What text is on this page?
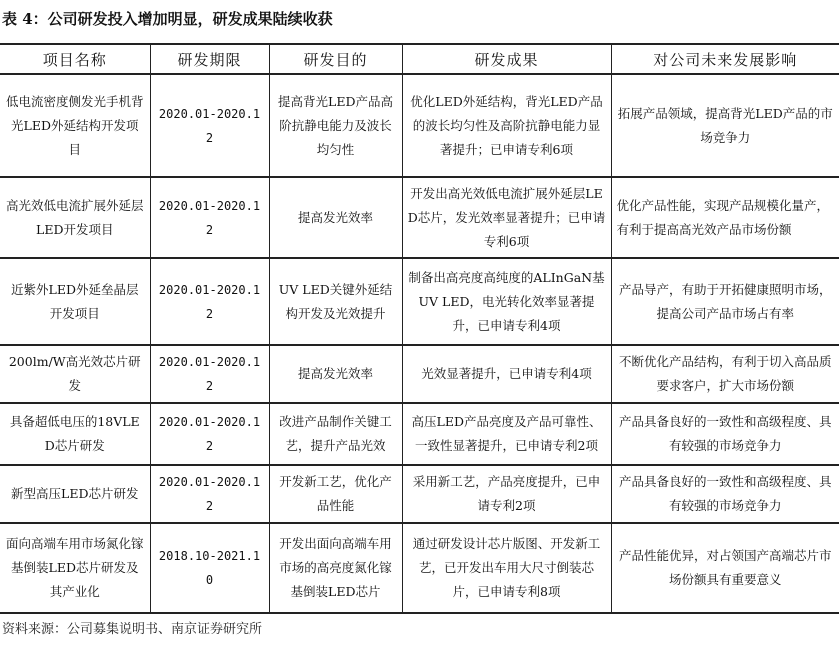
表 4：公司研发投入增加明显，研发成果陆续收获
项目名称	研发期限	研发目的	研发成果	对公司未来发展影响
低电流密度侧发光手机背光LED外延结构开发项目	2020.01-2020.12	提高背光LED产品高阶抗静电能力及波长均匀性	优化LED外延结构，背光LED产品的波长均匀性及高阶抗静电能力显著提升；已申请专利6项	拓展产品领域，提高背光LED产品的市场竞争力
高光效低电流扩展外延层LED开发项目	2020.01-2020.12	提高发光效率	开发出高光效低电流扩展外延层LED芯片，发光效率显著提升；已申请专利6项	优化产品性能，实现产品规模化量产，有利于提高高光效产品市场份额
近紫外LED外延垒晶层开发项目	2020.01-2020.12	UV LED关键外延结构开发及光效提升	制备出高亮度高纯度的ALInGaN基UV LED，电光转化效率显著提升，已申请专利4项	产品导产，有助于开拓健康照明市场，提高公司产品市场占有率
200lm/W高光效芯片研发	2020.01-2020.12	提高发光效率	光效显著提升，已申请专利4项	不断优化产品结构，有利于切入高品质要求客户，扩大市场份额
具备超低电压的18VLED芯片研发	2020.01-2020.12	改进产品制作关键工艺，提升产品光效	高压LED产品亮度及产品可靠性、一致性显著提升，已申请专利2项	产品具备良好的一致性和高级程度、具有较强的市场竞争力
新型高压LED芯片研发	2020.01-2020.12	开发新工艺，优化产品性能	采用新工艺，产品亮度提升，已申请专利2项	产品具备良好的一致性和高级程度、具有较强的市场竞争力
面向高端车用市场氮化镓基倒装LED芯片研发及其产业化	2018.10-2021.10	开发出面向高端车用市场的高亮度氮化镓基倒装LED芯片	通过研发设计芯片版图、开发新工艺，已开发出车用大尺寸倒装芯片，已申请专利8项	产品性能优异，对占领国产高端芯片市场份额具有重要意义
资料来源：公司募集说明书、南京证券研究所
